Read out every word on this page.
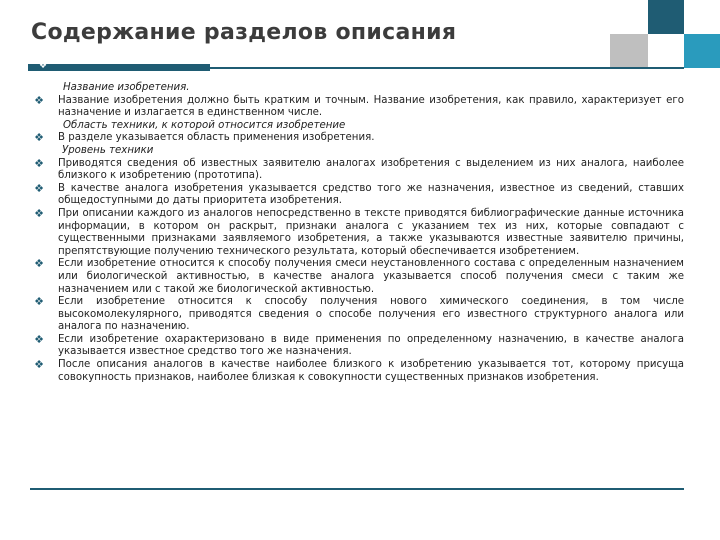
Содержание разделов описания
❖
Название изобретения.
❖ Название изобретения должно быть кратким и точным. Название изобретения, как правило, характеризует его назначение и излагается в единственном числе.
Область техники, к которой относится изобретение
❖ В разделе указывается область применения изобретения.
Уровень техники
❖ Приводятся сведения об известных заявителю аналогах изобретения с выделением из них аналога, наиболее близкого к изобретению (прототипа).
❖ В качестве аналога изобретения указывается средство того же назначения, известное из сведений, ставших общедоступными до даты приоритета изобретения.
❖ При описании каждого из аналогов непосредственно в тексте приводятся библиографические данные источника информации, в котором он раскрыт, признаки аналога с указанием тех из них, которые совпадают с существенными признаками заявляемого изобретения, а также указываются известные заявителю причины, препятствующие получению технического результата, который обеспечивается изобретением.
❖ Если изобретение относится к способу получения смеси неустановленного состава с определенным назначением или биологической активностью, в качестве аналога указывается способ получения смеси с таким же назначением или с такой же биологической активностью.
❖ Если изобретение относится к способу получения нового химического соединения, в том числе высокомолекулярного, приводятся сведения о способе получения его известного структурного аналога или аналога по назначению.
❖ Если изобретение охарактеризовано в виде применения по определенному назначению, в качестве аналога указывается известное средство того же назначения.
❖ После описания аналогов в качестве наиболее близкого к изобретению указывается тот, которому присуща совокупность признаков, наиболее близкая к совокупности существенных признаков изобретения.
